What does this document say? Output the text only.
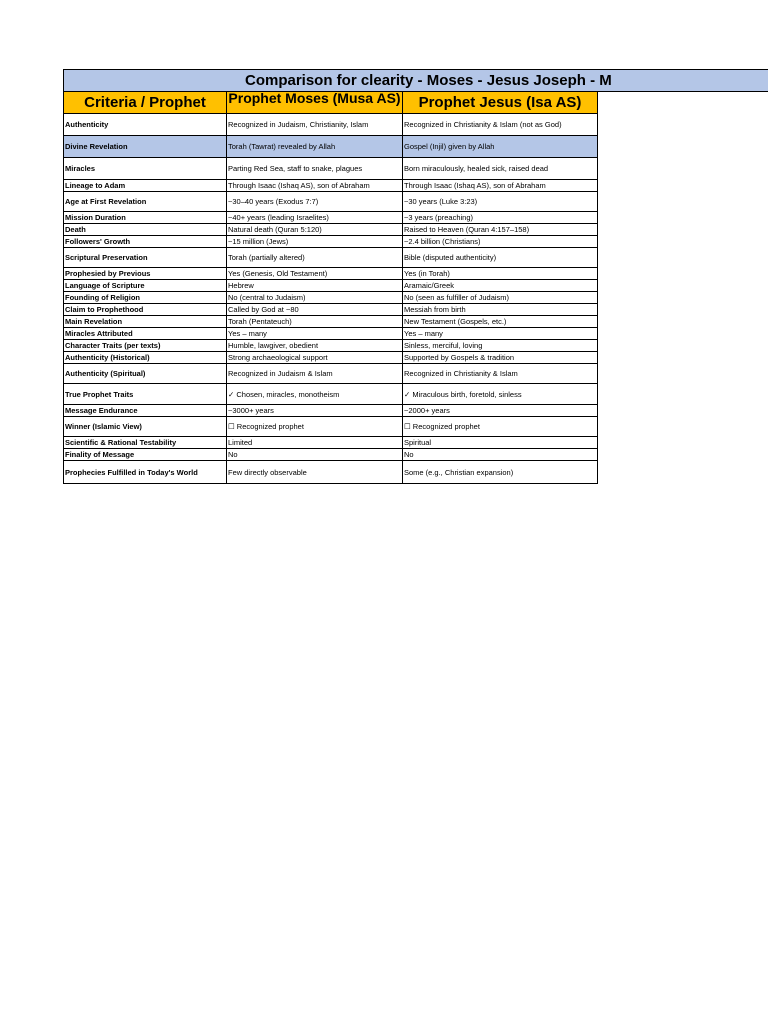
Comparison for clearity - Moses - Jesus Joseph - M
Criteria / Prophet	Prophet Moses (Musa AS)	Prophet Jesus (Isa AS)
Authenticity	Recognized in Judaism, Christianity, Islam	Recognized in Christianity & Islam (not as God)
Divine Revelation	Torah (Tawrat) revealed by Allah	Gospel (Injil) given by Allah
Miracles	Parting Red Sea, staff to snake, plagues	Born miraculously, healed sick, raised dead
Lineage to Adam	Through Isaac (Ishaq AS), son of Abraham	Through Isaac (Ishaq AS), son of Abraham
Age at First Revelation	~30–40 years (Exodus 7:7)	~30 years (Luke 3:23)
Mission Duration	~40+ years (leading Israelites)	~3 years (preaching)
Death	Natural death (Quran 5:120)	Raised to Heaven (Quran 4:157–158)
Followers' Growth	~15 million (Jews)	~2.4 billion (Christians)
Scriptural Preservation	Torah (partially altered)	Bible (disputed authenticity)
Prophesied by Previous	Yes (Genesis, Old Testament)	Yes (in Torah)
Language of Scripture	Hebrew	Aramaic/Greek
Founding of Religion	No (central to Judaism)	No (seen as fulfiller of Judaism)
Claim to Prophethood	Called by God at ~80	Messiah from birth
Main Revelation	Torah (Pentateuch)	New Testament (Gospels, etc.)
Miracles Attributed	Yes – many	Yes – many
Character Traits (per texts)	Humble, lawgiver, obedient	Sinless, merciful, loving
Authenticity (Historical)	Strong archaeological support	Supported by Gospels & tradition
Authenticity (Spiritual)	Recognized in Judaism & Islam	Recognized in Christianity & Islam
True Prophet Traits	✓ Chosen, miracles, monotheism	✓ Miraculous birth, foretold, sinless
Message Endurance	~3000+ years	~2000+ years
Winner (Islamic View)	☐ Recognized prophet	☐ Recognized prophet
Scientific & Rational Testability	Limited	Spiritual
Finality of Message	No	No
Prophecies Fulfilled in Today's World	Few directly observable	Some (e.g., Christian expansion)
